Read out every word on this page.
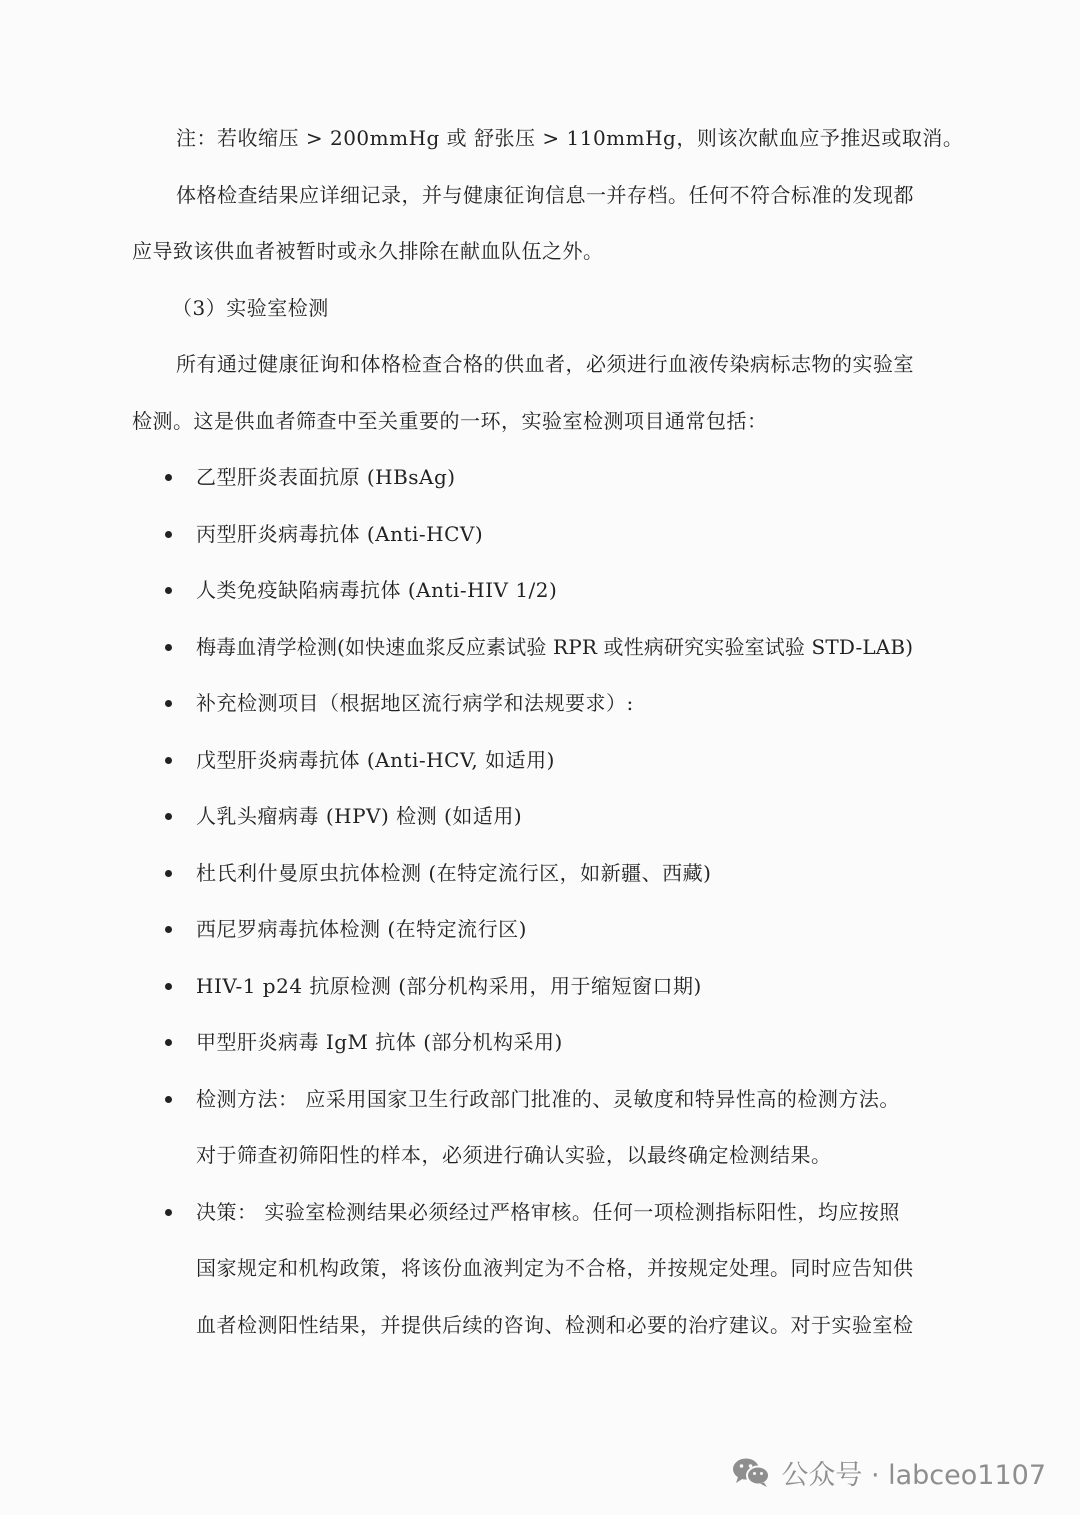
注：若收缩压 > 200mmHg 或 舒张压 > 110mmHg，则该次献血应予推迟或取消。
体格检查结果应详细记录，并与健康征询信息一并存档。任何不符合标准的发现都
应导致该供血者被暂时或永久排除在献血队伍之外。
（3）实验室检测
所有通过健康征询和体格检查合格的供血者，必须进行血液传染病标志物的实验室
检测。这是供血者筛查中至关重要的一环，实验室检测项目通常包括：
乙型肝炎表面抗原 (HBsAg)
丙型肝炎病毒抗体 (Anti-HCV)
人类免疫缺陷病毒抗体 (Anti-HIV 1/2)
梅毒血清学检测(如快速血浆反应素试验 RPR 或性病研究实验室试验 STD-LAB)
补充检测项目（根据地区流行病学和法规要求）:
戊型肝炎病毒抗体 (Anti-HCV, 如适用)
人乳头瘤病毒 (HPV) 检测 (如适用)
杜氏利什曼原虫抗体检测 (在特定流行区，如新疆、西藏)
西尼罗病毒抗体检测 (在特定流行区)
HIV-1 p24 抗原检测 (部分机构采用，用于缩短窗口期)
甲型肝炎病毒 IgM 抗体 (部分机构采用)
检测方法： 应采用国家卫生行政部门批准的、灵敏度和特异性高的检测方法。
对于筛查初筛阳性的样本，必须进行确认实验，以最终确定检测结果。
决策： 实验室检测结果必须经过严格审核。任何一项检测指标阳性，均应按照
国家规定和机构政策，将该份血液判定为不合格，并按规定处理。同时应告知供
血者检测阳性结果，并提供后续的咨询、检测和必要的治疗建议。对于实验室检
公众号 · labceo1107
